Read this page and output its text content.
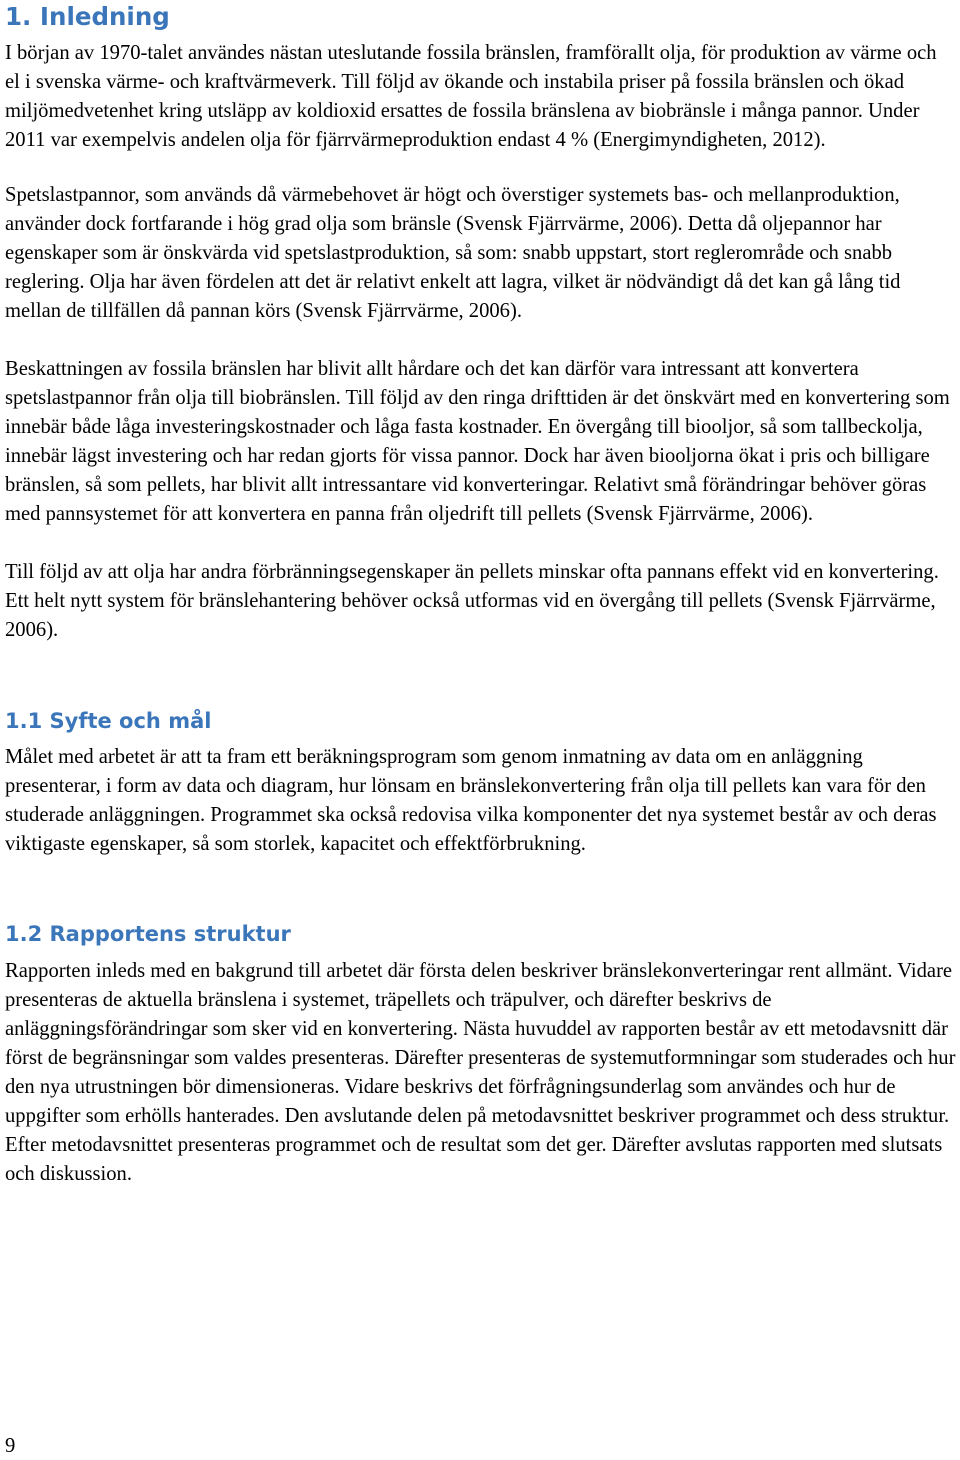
1. Inledning

I början av 1970-talet användes nästan uteslutande fossila bränslen, framförallt olja, för produktion av värme och el i svenska värme- och kraftvärmeverk. Till följd av ökande och instabila priser på fossila bränslen och ökad miljömedvetenhet kring utsläpp av koldioxid ersattes de fossila bränslena av biobränsle i många pannor. Under 2011 var exempelvis andelen olja för fjärrvärmeproduktion endast 4 % (Energimyndigheten, 2012).

Spetslastpannor, som används då värmebehovet är högt och överstiger systemets bas- och mellanproduktion, använder dock fortfarande i hög grad olja som bränsle (Svensk Fjärrvärme, 2006). Detta då oljepannor har egenskaper som är önskvärda vid spetslastproduktion, så som: snabb uppstart, stort reglerområde och snabb reglering. Olja har även fördelen att det är relativt enkelt att lagra, vilket är nödvändigt då det kan gå lång tid mellan de tillfällen då pannan körs (Svensk Fjärrvärme, 2006).

Beskattningen av fossila bränslen har blivit allt hårdare och det kan därför vara intressant att konvertera spetslastpannor från olja till biobränslen. Till följd av den ringa drifttiden är det önskvärt med en konvertering som innebär både låga investeringskostnader och låga fasta kostnader. En övergång till biooljor, så som tallbeckolja, innebär lägst investering och har redan gjorts för vissa pannor. Dock har även biooljorna ökat i pris och billigare bränslen, så som pellets, har blivit allt intressantare vid konverteringar. Relativt små förändringar behöver göras med pannsystemet för att konvertera en panna från oljedrift till pellets (Svensk Fjärrvärme, 2006).

Till följd av att olja har andra förbränningsegenskaper än pellets minskar ofta pannans effekt vid en konvertering. Ett helt nytt system för bränslehantering behöver också utformas vid en övergång till pellets (Svensk Fjärrvärme, 2006).

1.1 Syfte och mål

Målet med arbetet är att ta fram ett beräkningsprogram som genom inmatning av data om en anläggning presenterar, i form av data och diagram, hur lönsam en bränslekonvertering från olja till pellets kan vara för den studerade anläggningen. Programmet ska också redovisa vilka komponenter det nya systemet består av och deras viktigaste egenskaper, så som storlek, kapacitet och effektförbrukning.

1.2 Rapportens struktur

Rapporten inleds med en bakgrund till arbetet där första delen beskriver bränslekonverteringar rent allmänt. Vidare presenteras de aktuella bränslena i systemet, träpellets och träpulver, och därefter beskrivs de anläggningsförändringar som sker vid en konvertering. Nästa huvuddel av rapporten består av ett metodavsnitt där först de begränsningar som valdes presenteras. Därefter presenteras de systemutformningar som studerades och hur den nya utrustningen bör dimensioneras. Vidare beskrivs det förfrågningsunderlag som användes och hur de uppgifter som erhölls hanterades. Den avslutande delen på metodavsnittet beskriver programmet och dess struktur. Efter metodavsnittet presenteras programmet och de resultat som det ger. Därefter avslutas rapporten med slutsats och diskussion.

9
